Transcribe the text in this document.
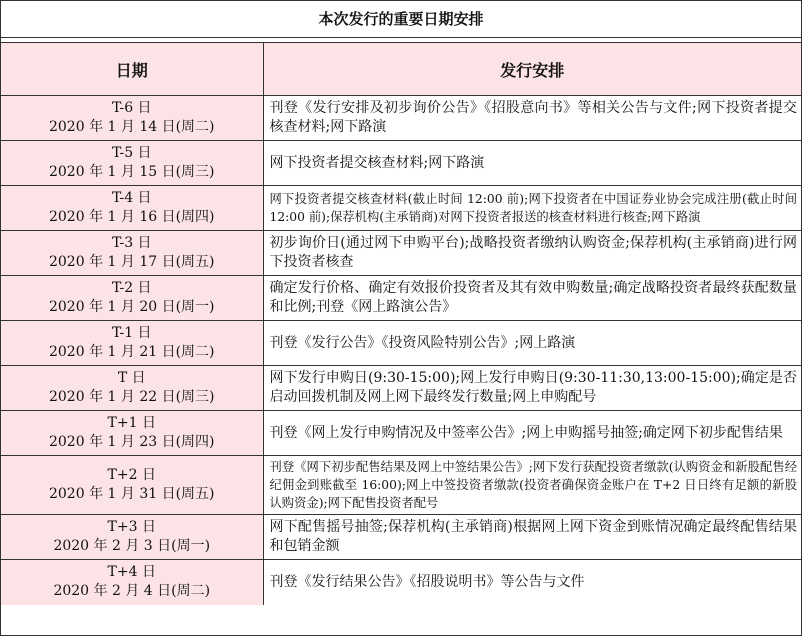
本次发行的重要日期安排
日期	发行安排

T-6 日
2020 年 1 月 14 日(周二)	刊登《发行安排及初步询价公告》《招股意向书》等相关公告与文件;网下投资者提交核查材料;网下路演

T-5 日
2020 年 1 月 15 日(周三)	网下投资者提交核查材料;网下路演

T-4 日
2020 年 1 月 16 日(周四)	网下投资者提交核查材料(截止时间 12:00 前);网下投资者在中国证券业协会完成注册(截止时间 12:00 前);保荐机构(主承销商)对网下投资者报送的核查材料进行核查;网下路演

T-3 日
2020 年 1 月 17 日(周五)	初步询价日(通过网下申购平台);战略投资者缴纳认购资金;保荐机构(主承销商)进行网下投资者核查

T-2 日
2020 年 1 月 20 日(周一)	确定发行价格、确定有效报价投资者及其有效申购数量;确定战略投资者最终获配数量和比例;刊登《网上路演公告》

T-1 日
2020 年 1 月 21 日(周二)	刊登《发行公告》《投资风险特别公告》;网上路演

T 日
2020 年 1 月 22 日(周三)	网下发行申购日(9:30-15:00);网上发行申购日(9:30-11:30,13:00-15:00);确定是否启动回拨机制及网上网下最终发行数量;网上申购配号

T+1 日
2020 年 1 月 23 日(周四)	刊登《网上发行申购情况及中签率公告》;网上申购摇号抽签;确定网下初步配售结果

T+2 日
2020 年 1 月 31 日(周五)	刊登《网下初步配售结果及网上中签结果公告》;网下发行获配投资者缴款(认购资金和新股配售经纪佣金到账截至 16:00);网上中签投资者缴款(投资者确保资金账户在 T+2 日日终有足额的新股认购资金);网下配售投资者配号

T+3 日
2020 年 2 月 3 日(周一)	网下配售摇号抽签;保荐机构(主承销商)根据网上网下资金到账情况确定最终配售结果和包销金额

T+4 日
2020 年 2 月 4 日(周二)	刊登《发行结果公告》《招股说明书》等公告与文件
